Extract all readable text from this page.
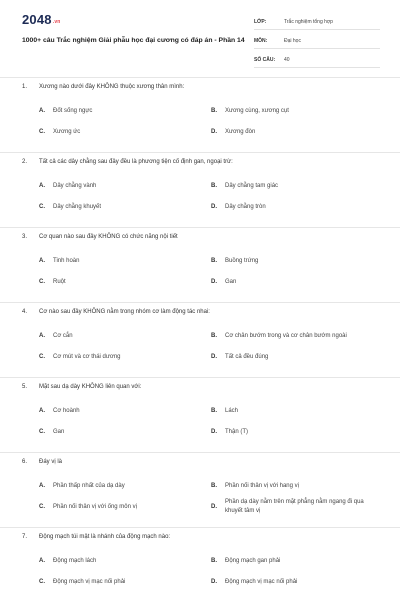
2048.vn
1000+ câu Trắc nghiệm Giải phẫu học đại cương có đáp án - Phần 14
LỚP:	Trắc nghiệm tổng hợp
MÔN:	Đại học
SỐ CÂU:	40
1.	Xương nào dưới đây KHÔNG thuộc xương thân mình:
A.	Đốt sống ngực	B.	Xương cùng, xương cụt
C.	Xương ức	D.	Xương đòn
2.	Tất cả các dây chằng sau đây đều là phương tiện cố định gan, ngoại trừ:
A.	Dây chằng vành	B.	Dây chằng tam giác
C.	Dây chằng khuyết	D.	Dây chằng tròn
3.	Cơ quan nào sau đây KHÔNG có chức năng nội tiết
A.	Tinh hoàn	B.	Buồng trứng
C.	Ruột	D.	Gan
4.	Cơ nào sau đây KHÔNG nằm trong nhóm cơ làm động tác nhai:
A.	Cơ cắn	B.	Cơ chân bướm trong và cơ chân bướm ngoài
C.	Cơ mút và cơ thái dương	D.	Tất cả đều đúng
5.	Mặt sau dạ dày KHÔNG liên quan với:
A.	Cơ hoành	B.	Lách
C.	Gan	D.	Thận (T)
6.	Đáy vị là
A.	Phần thấp nhất của dạ dày	B.	Phần nối thân vị với hang vị
C.	Phần nối thân vị với ống môn vị	D.
Phần dạ dày nằm trên mặt phẳng nằm ngang đi qua khuyết tâm vị
7.	Động mạch túi mật là nhánh của động mạch nào:
A.	Động mạch lách	B.	Động mạch gan phải
C.	Động mạch vị mạc nối phải	D.	Động mạch vị mạc nối phải
